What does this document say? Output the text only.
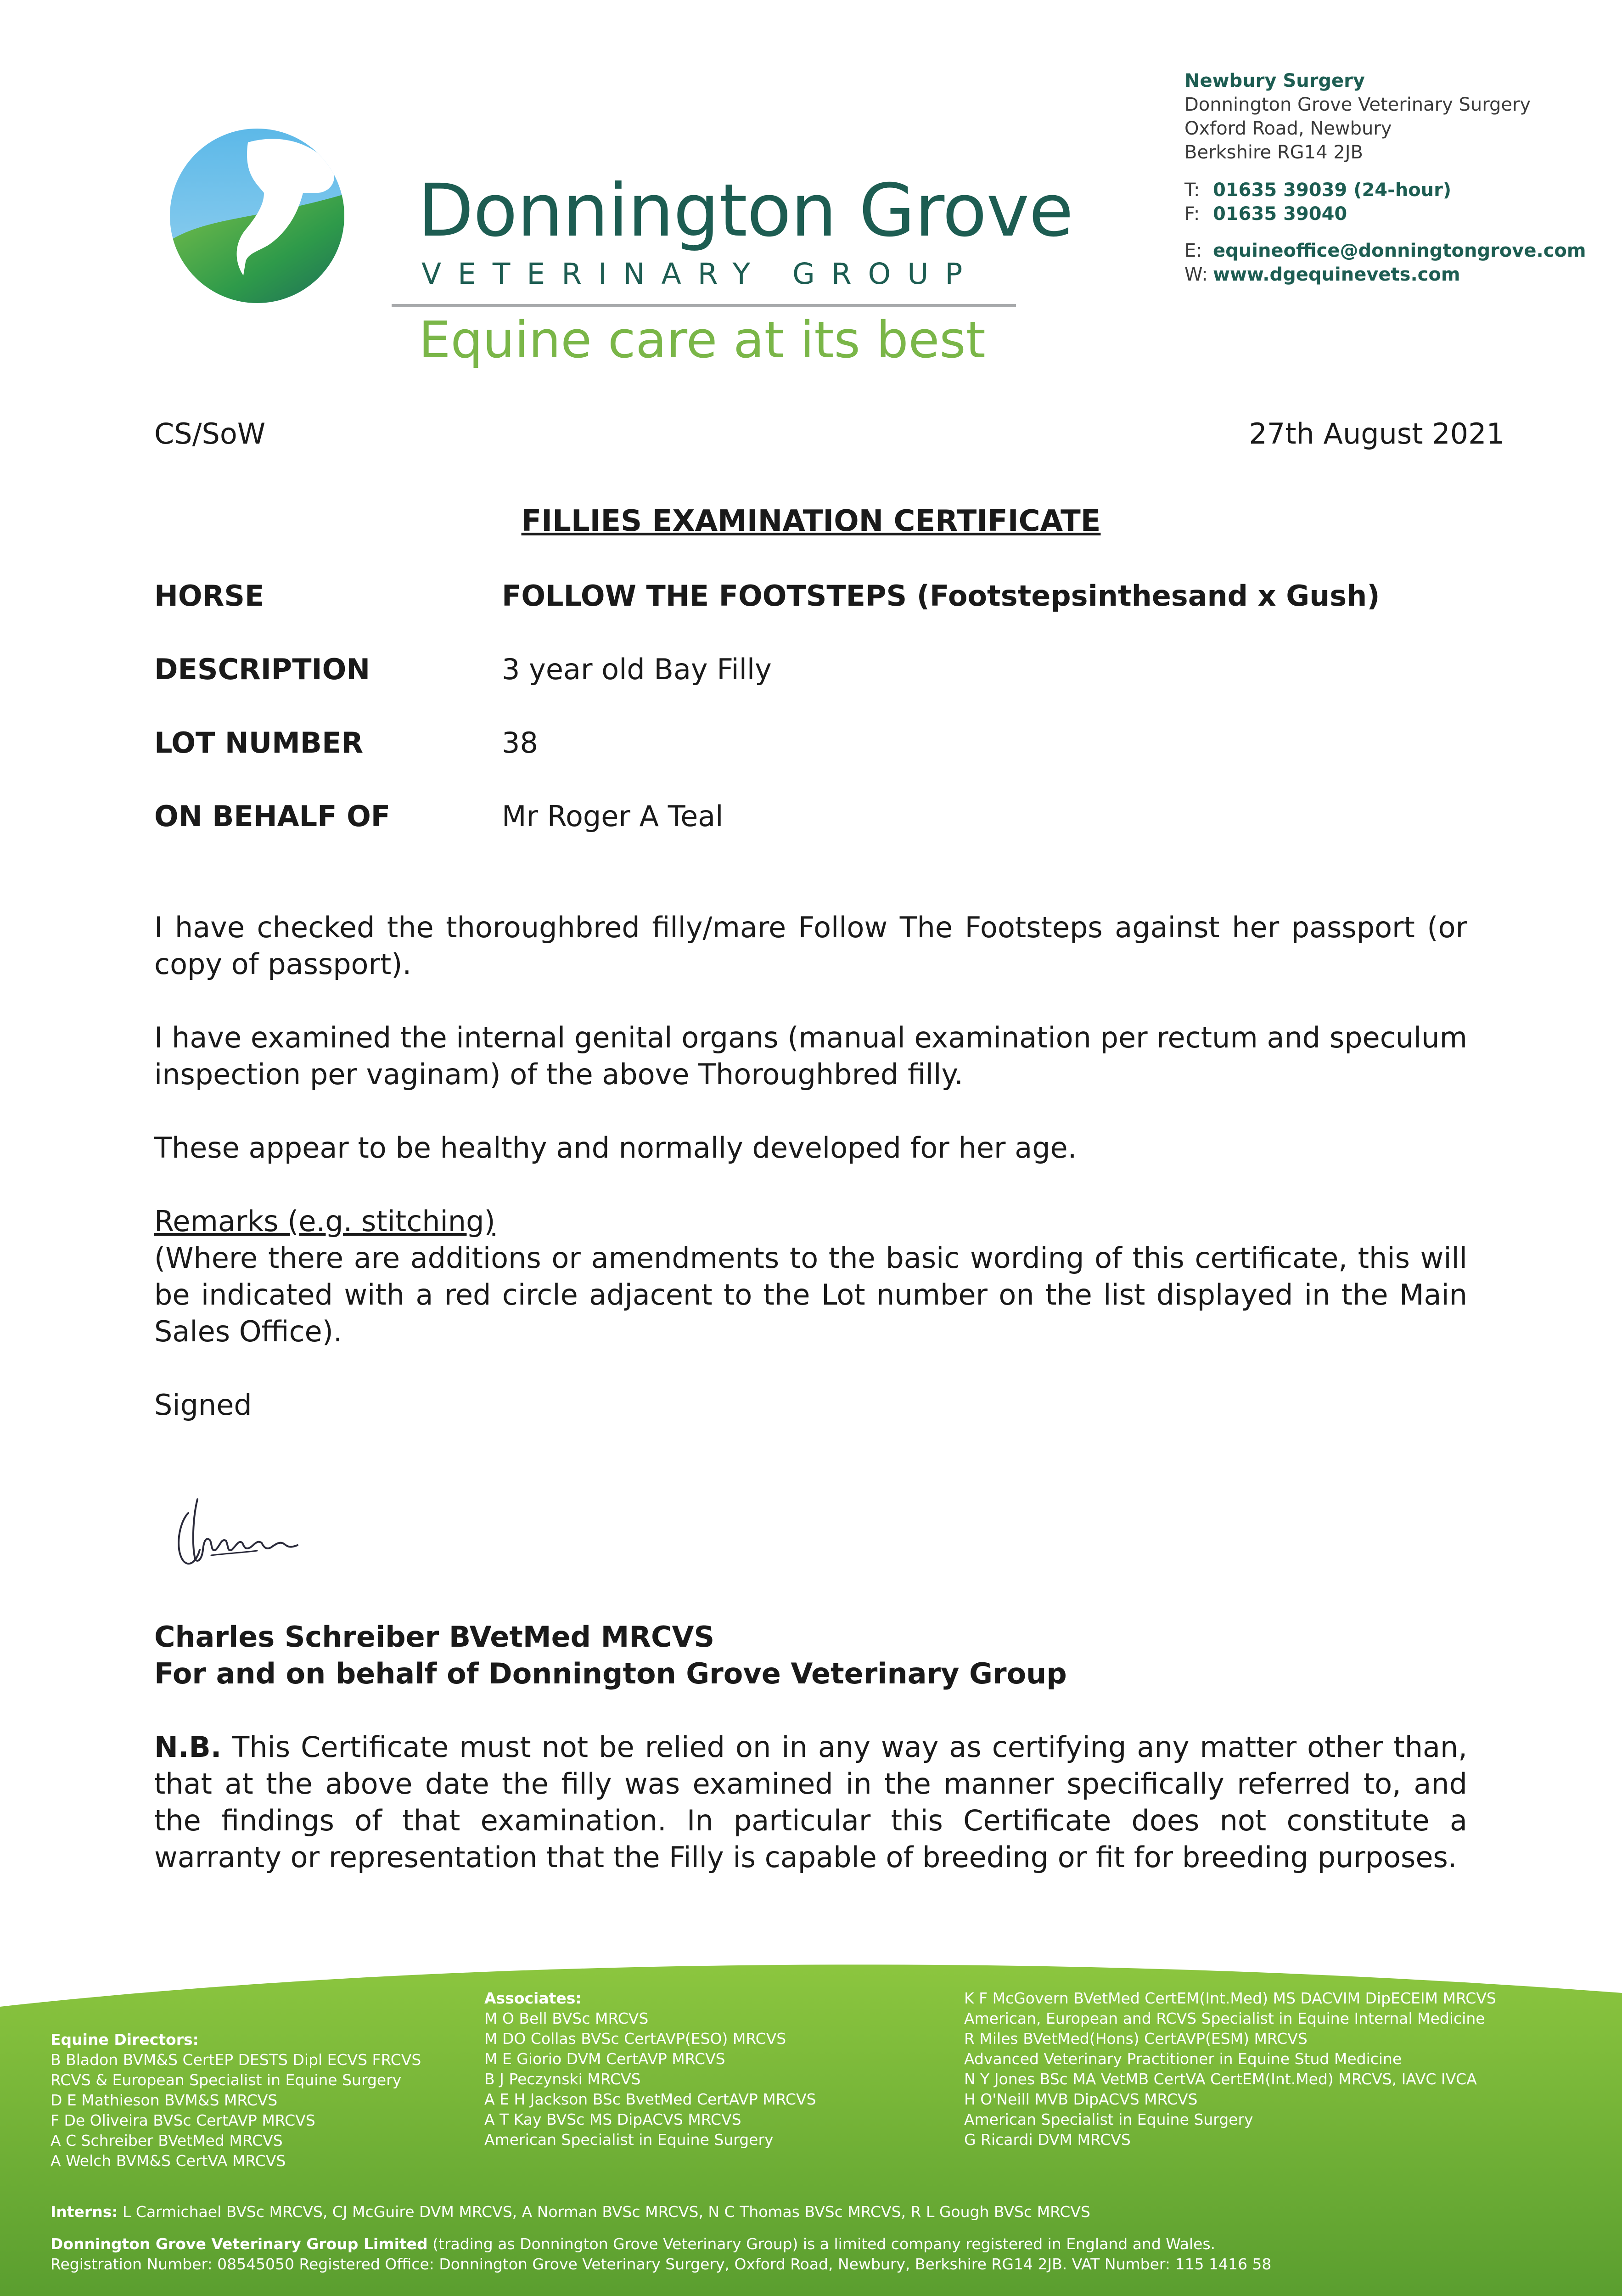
Donnington Grove
VETERINARY GROUP
Equine care at its best
Newbury Surgery
Donnington Grove Veterinary Surgery
Oxford Road, Newbury
Berkshire RG14 2JB
T: 01635 39039 (24-hour)
F: 01635 39040
E: equineoffice@donningtongrove.com
W: www.dgequinevets.com
CS/SoW	27th August 2021
FILLIES EXAMINATION CERTIFICATE
HORSE	FOLLOW THE FOOTSTEPS (Footstepsinthesand x Gush)
DESCRIPTION	3 year old Bay Filly
LOT NUMBER	38
ON BEHALF OF	Mr Roger A Teal
I have checked the thoroughbred filly/mare Follow The Footsteps against her passport (or copy of passport).
I have examined the internal genital organs (manual examination per rectum and speculum inspection per vaginam) of the above Thoroughbred filly.
These appear to be healthy and normally developed for her age.
Remarks (e.g. stitching)
(Where there are additions or amendments to the basic wording of this certificate, this will be indicated with a red circle adjacent to the Lot number on the list displayed in the Main Sales Office).
Signed
Charles Schreiber BVetMed MRCVS
For and on behalf of Donnington Grove Veterinary Group
N.B. This Certificate must not be relied on in any way as certifying any matter other than, that at the above date the filly was examined in the manner specifically referred to, and the findings of that examination. In particular this Certificate does not constitute a warranty or representation that the Filly is capable of breeding or fit for breeding purposes.
Equine Directors:
B Bladon BVM&S CertEP DESTS Dipl ECVS FRCVS
RCVS & European Specialist in Equine Surgery
D E Mathieson BVM&S MRCVS
F De Oliveira BVSc CertAVP MRCVS
A C Schreiber BVetMed MRCVS
A Welch BVM&S CertVA MRCVS
Associates:
M O Bell BVSc MRCVS
M DO Collas BVSc CertAVP(ESO) MRCVS
M E Giorio DVM CertAVP MRCVS
B J Peczynski MRCVS
A E H Jackson BSc BvetMed CertAVP MRCVS
A T Kay BVSc MS DipACVS MRCVS
American Specialist in Equine Surgery
K F McGovern BVetMed CertEM(Int.Med) MS DACVIM DipECEIM MRCVS
American, European and RCVS Specialist in Equine Internal Medicine
R Miles BVetMed(Hons) CertAVP(ESM) MRCVS
Advanced Veterinary Practitioner in Equine Stud Medicine
N Y Jones BSc MA VetMB CertVA CertEM(Int.Med) MRCVS, IAVC IVCA
H O'Neill MVB DipACVS MRCVS
American Specialist in Equine Surgery
G Ricardi DVM MRCVS
Interns: L Carmichael BVSc MRCVS, CJ McGuire DVM MRCVS, A Norman BVSc MRCVS, N C Thomas BVSc MRCVS, R L Gough BVSc MRCVS
Donnington Grove Veterinary Group Limited (trading as Donnington Grove Veterinary Group) is a limited company registered in England and Wales.
Registration Number: 08545050 Registered Office: Donnington Grove Veterinary Surgery, Oxford Road, Newbury, Berkshire RG14 2JB. VAT Number: 115 1416 58
